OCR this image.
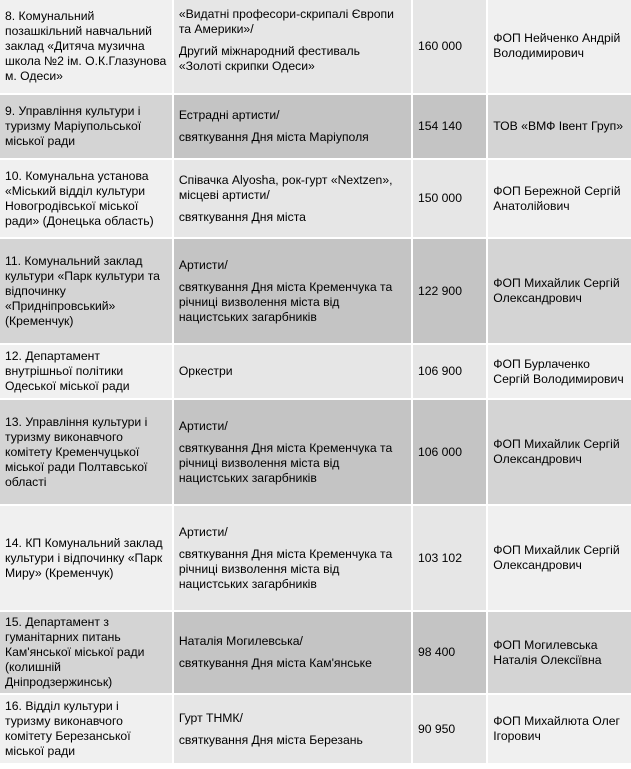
8. Комунальний позашкільний навчальний заклад «Дитяча музична школа №2 ім. О.К.Глазунова м. Одеси»	«Видатні професори-скрипалі Європи та Америки»/
Другий міжнародний фестиваль «Золоті скрипки Одеси»	160 000	ФОП Нейченко Андрій Володимирович
9. Управління культури і туризму Маріупольської міської ради	Естрадні артисти/
святкування Дня міста Маріуполя	154 140	ТОВ «ВМФ Івент Груп»
10. Комунальна установа «Міський відділ культури Новогродівської міської ради» (Донецька область)	Співачка Alyosha, рок-гурт «Nextzen», місцеві артисти/
святкування Дня міста	150 000	ФОП Бережной Сергій Анатолійович
11. Комунальний заклад культури «Парк культури та відпочинку «Придніпровський» (Кременчук)	Артисти/
святкування Дня міста Кременчука та річниці визволення міста від нацистських загарбників	122 900	ФОП Михайлик Сергій Олександрович
12. Департамент внутрішньої політики Одеської міської ради	Оркестри	106 900	ФОП Бурлаченко Сергій Володимирович
13. Управління культури і туризму виконавчого комітету Кременчуцької міської ради Полтавської області	Артисти/
святкування Дня міста Кременчука та річниці визволення міста від нацистських загарбників	106 000	ФОП Михайлик Сергій Олександрович
14. КП Комунальний заклад культури і відпочинку «Парк Миру» (Кременчук)	Артисти/
святкування Дня міста Кременчука та річниці визволення міста від нацистських загарбників	103 102	ФОП Михайлик Сергій Олександрович
15. Департамент з гуманітарних питань Кам'янської міської ради (колишній Дніпродзержинськ)	Наталія Могилевська/
святкування Дня міста Кам'янське	98 400	ФОП Могилевська Наталія Олексіївна
16. Відділ культури і туризму виконавчого комітету Березанської міської ради	Гурт ТНМК/
святкування Дня міста Березань	90 950	ФОП Михайлюта Олег Ігорович
